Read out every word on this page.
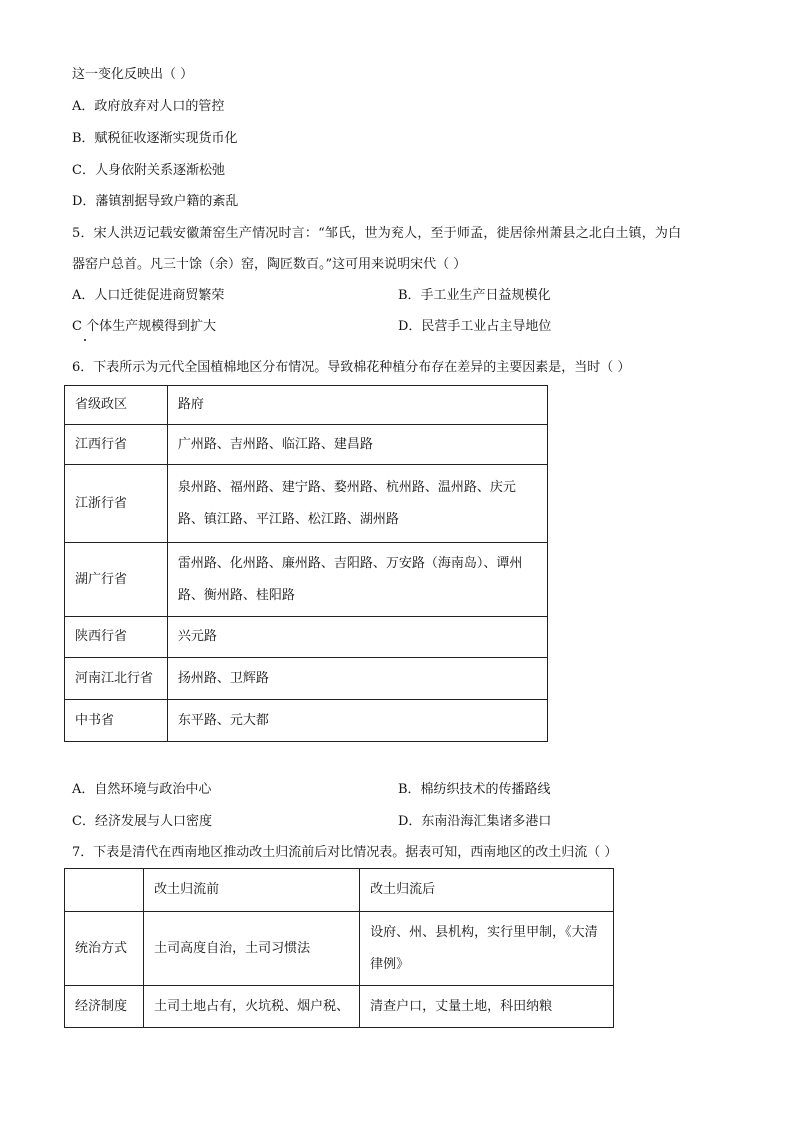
这一变化反映出（ ）
A．政府放弃对人口的管控
B．赋税征收逐渐实现货币化
C．人身依附关系逐渐松弛
D．藩镇割据导致户籍的紊乱
5．宋人洪迈记载安徽萧窑生产情况时言：“邹氏，世为兖人，至于师孟，徙居徐州萧县之北白土镇，为白
器窑户总首。凡三十馀（余）窑，陶匠数百。”这可用来说明宋代（ ）
A．人口迁徙促进商贸繁荣	B．手工业生产日益规模化
C 个体生产规模得到扩大	D．民营手工业占主导地位
6．下表所示为元代全国植棉地区分布情况。导致棉花种植分布存在差异的主要因素是，当时（ ）
省级政区	路府
江西行省	广州路、吉州路、临江路、建昌路
江浙行省	泉州路、福州路、建宁路、婺州路、杭州路、温州路、庆元路、镇江路、平江路、松江路、湖州路
湖广行省	雷州路、化州路、廉州路、吉阳路、万安路（海南岛）、谭州路、衡州路、桂阳路
陕西行省	兴元路
河南江北行省	扬州路、卫辉路
中书省	东平路、元大都
A．自然环境与政治中心	B．棉纺织技术的传播路线
C．经济发展与人口密度	D．东南沿海汇集诸多港口
7．下表是清代在西南地区推动改土归流前后对比情况表。据表可知，西南地区的改土归流（ ）
	改土归流前	改土归流后
统治方式	土司高度自治，土司习惯法	设府、州、县机构，实行里甲制，《大清律例》
经济制度	土司土地占有，火坑税、烟户税、	清查户口，丈量土地，科田纳粮
